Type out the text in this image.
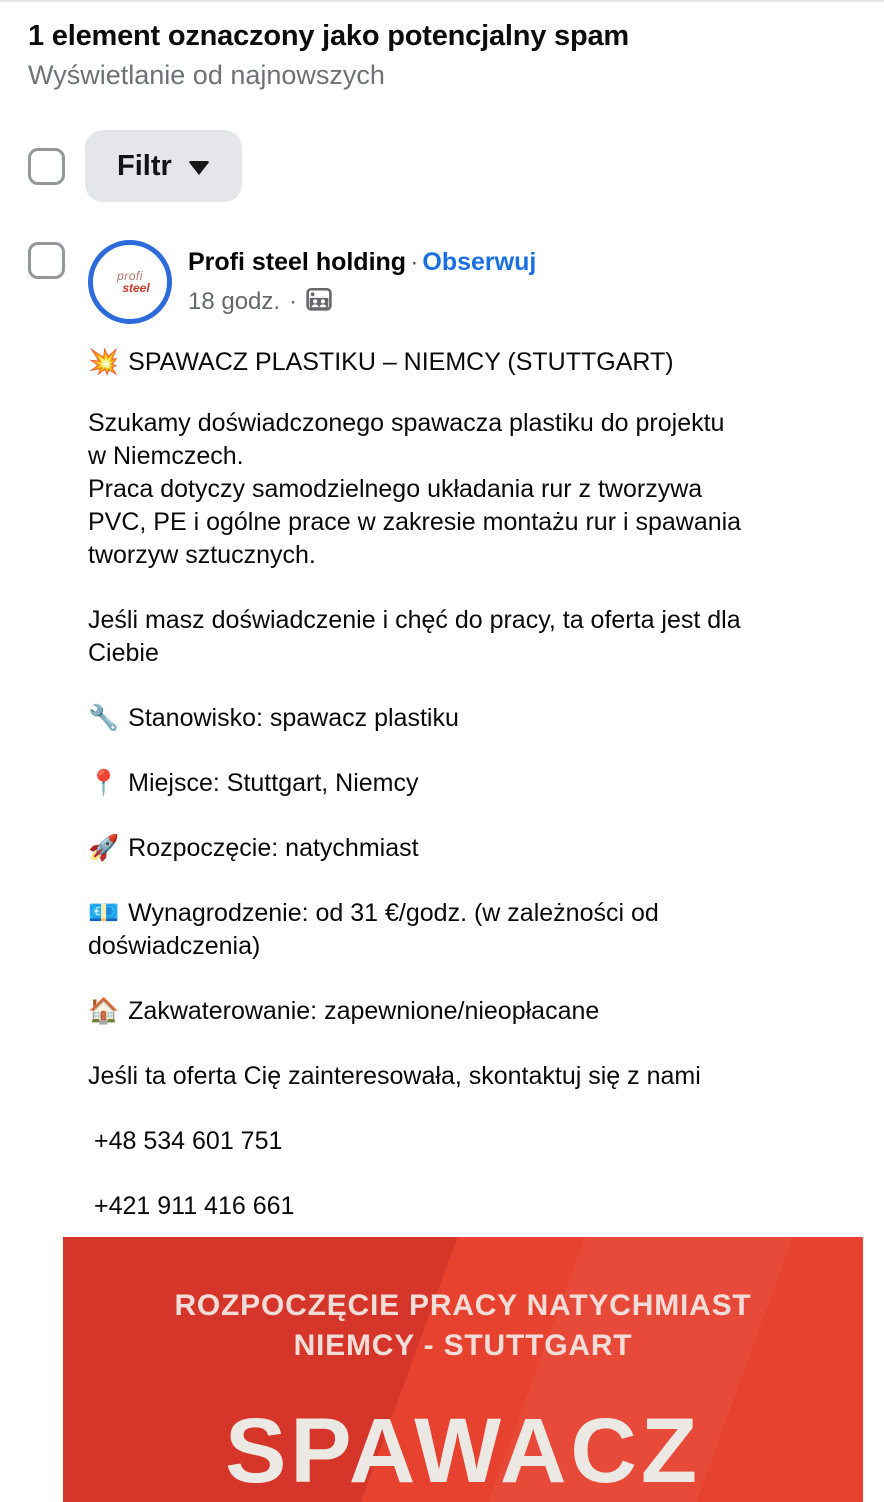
1 element oznaczony jako potencjalny spam
Wyświetlanie od najnowszych
Filtr
profi
steel
Profi steel holding · Obserwuj
18 godz. ·

💥 SPAWACZ PLASTIKU – NIEMCY (STUTTGART)

Szukamy doświadczonego spawacza plastiku do projektu w Niemczech.

Praca dotyczy samodzielnego układania rur z tworzywa PVC, PE i ogólne prace w zakresie montażu rur i spawania tworzyw sztucznych.

Jeśli masz doświadczenie i chęć do pracy, ta oferta jest dla Ciebie

🔧 Stanowisko: spawacz plastiku

📍 Miejsce: Stuttgart, Niemcy

🚀 Rozpoczęcie: natychmiast

💶 Wynagrodzenie: od 31 €/godz. (w zależności od doświadczenia)

🏠 Zakwaterowanie: zapewnione/nieopłacane

Jeśli ta oferta Cię zainteresowała, skontaktuj się z nami

+48 534 601 751

+421 911 416 661

ROZPOCZĘCIE PRACY NATYCHMIAST
NIEMCY - STUTTGART
SPAWACZ
